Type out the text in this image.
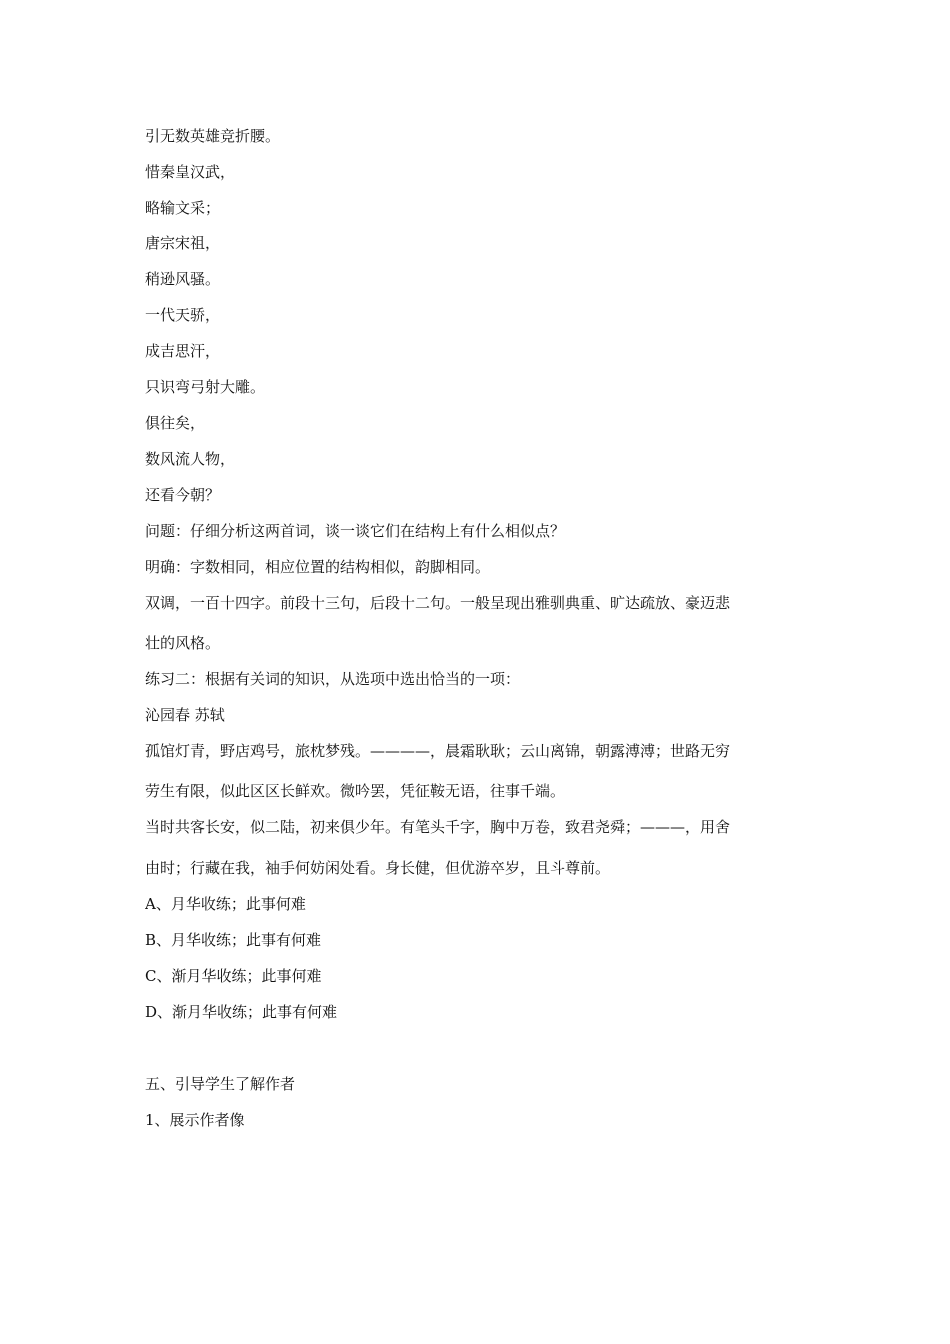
引无数英雄竞折腰。
惜秦皇汉武，
略输文采；
唐宗宋祖，
稍逊风骚。
一代天骄，
成吉思汗，
只识弯弓射大雕。
俱往矣，
数风流人物，
还看今朝？
问题：仔细分析这两首词，谈一谈它们在结构上有什么相似点？
明确：字数相同，相应位置的结构相似，韵脚相同。
双调，一百十四字。前段十三句，后段十二句。一般呈现出雅驯典重、旷达疏放、豪迈悲
壮的风格。
练习二：根据有关词的知识，从选项中选出恰当的一项：
沁园春 苏轼
孤馆灯青，野店鸡号，旅枕梦残。————，晨霜耿耿；云山离锦，朝露溥溥；世路无穷
劳生有限，似此区区长鲜欢。微吟罢，凭征鞍无语，往事千端。
当时共客长安，似二陆，初来俱少年。有笔头千字，胸中万卷，致君尧舜；———，用舍
由时；行藏在我，袖手何妨闲处看。身长健，但优游卒岁，且斗尊前。
A、月华收练；此事何难
B、月华收练；此事有何难
C、渐月华收练；此事何难
D、渐月华收练；此事有何难
五、引导学生了解作者
1、展示作者像
